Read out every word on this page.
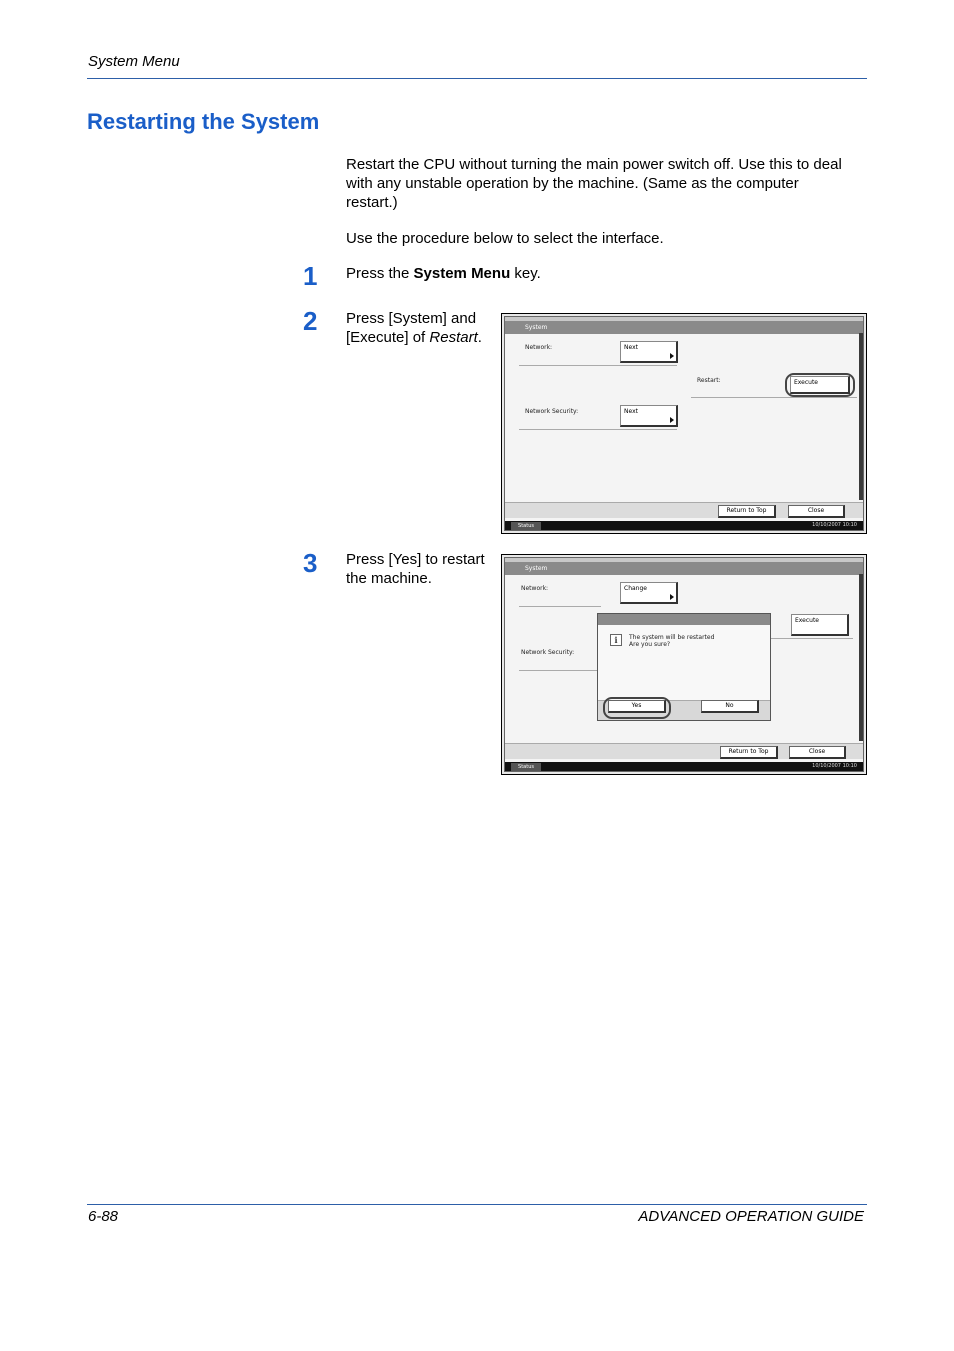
System Menu
Restarting the System
Restart the CPU without turning the main power switch off. Use this to deal
with any unstable operation by the machine. (Same as the computer
restart.)
Use the procedure below to select the interface.
1 Press the System Menu key.
2 Press [System] and
[Execute] of Restart.
System
Network:	Next
Restart:	Execute
Network Security:	Next
Return to Top	Close
Status	10/10/2007 10:10
3 Press [Yes] to restart
the machine.
System
Network:	Change
Execute
Network Security:
i	The system will be restarted
Are you sure?
Yes	No
Return to Top	Close
Status	10/10/2007 10:10
6-88	ADVANCED OPERATION GUIDE
